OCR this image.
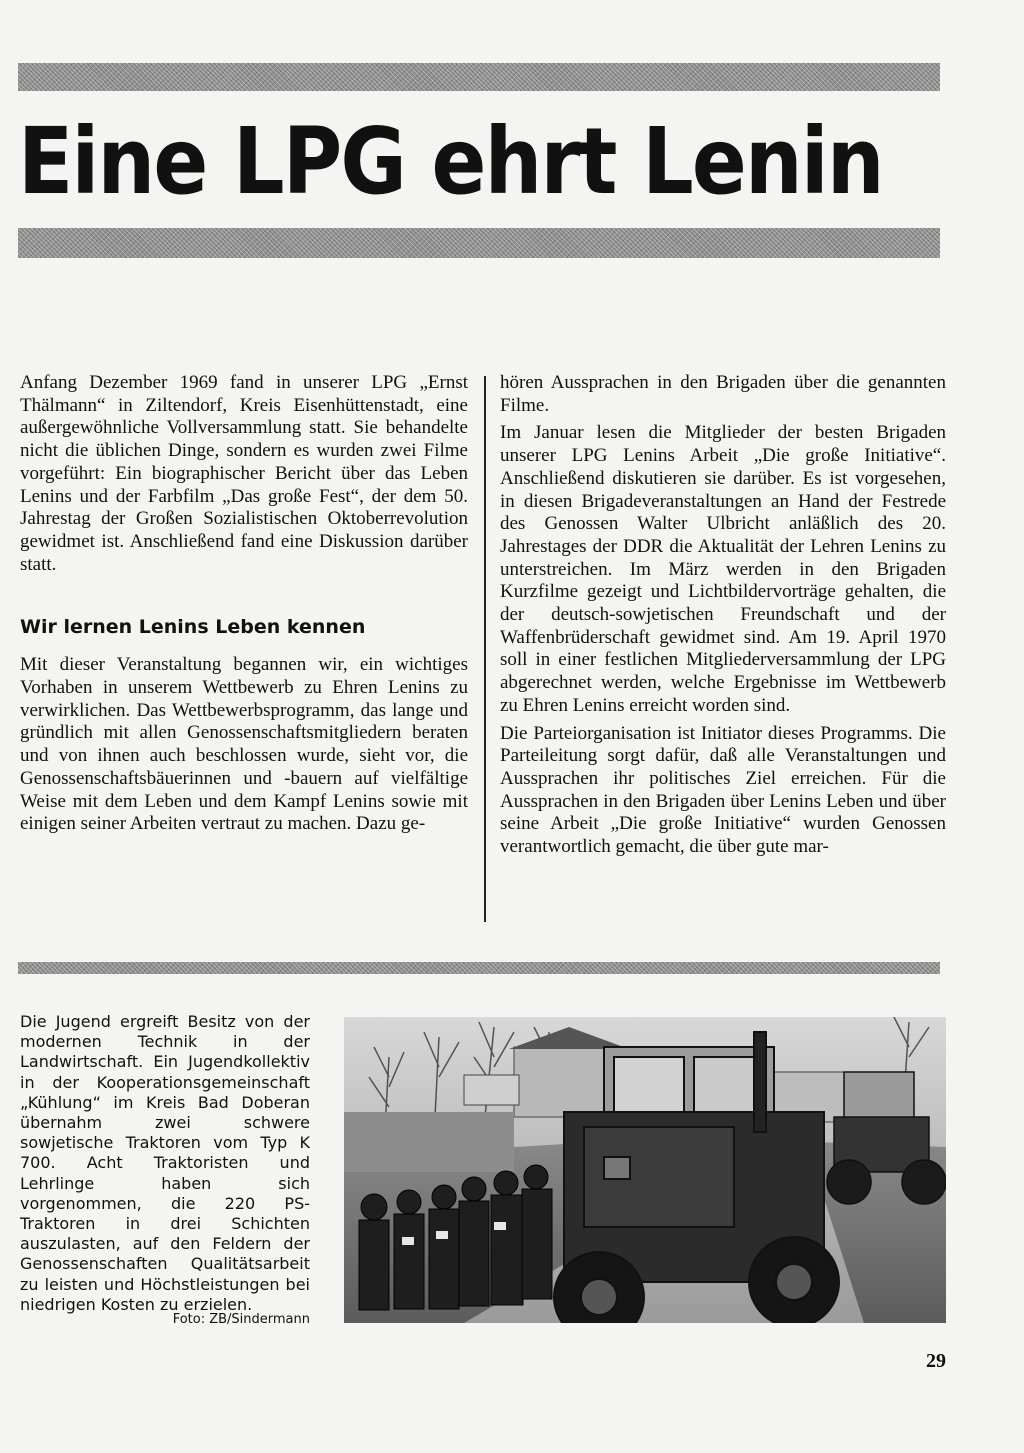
Eine LPG ehrt Lenin

Anfang Dezember 1969 fand in unserer LPG „Ernst Thälmann“ in Ziltendorf, Kreis Eisenhüttenstadt, eine außergewöhnliche Vollversammlung statt. Sie behandelte nicht die üblichen Dinge, sondern es wurden zwei Filme vorgeführt: Ein biographischer Bericht über das Leben Lenins und der Farbfilm „Das große Fest“, der dem 50. Jahrestag der Großen Sozialistischen Oktoberrevolution gewidmet ist. Anschließend fand eine Diskussion darüber statt.

Wir lernen Lenins Leben kennen

Mit dieser Veranstaltung begannen wir, ein wichtiges Vorhaben in unserem Wettbewerb zu Ehren Lenins zu verwirklichen. Das Wettbewerbsprogramm, das lange und gründlich mit allen Genossenschaftsmitgliedern beraten und von ihnen auch beschlossen wurde, sieht vor, die Genossenschaftsbäuerinnen und -bauern auf vielfältige Weise mit dem Leben und dem Kampf Lenins sowie mit einigen seiner Arbeiten vertraut zu machen. Dazu ge-

hören Aussprachen in den Brigaden über die genannten Filme.

Im Januar lesen die Mitglieder der besten Brigaden unserer LPG Lenins Arbeit „Die große Initiative“. Anschließend diskutieren sie darüber. Es ist vorgesehen, in diesen Brigadeveranstaltungen an Hand der Festrede des Genossen Walter Ulbricht anläßlich des 20. Jahrestages der DDR die Aktualität der Lehren Lenins zu unterstreichen. Im März werden in den Brigaden Kurzfilme gezeigt und Lichtbildervorträge gehalten, die der deutsch-sowjetischen Freundschaft und der Waffenbrüderschaft gewidmet sind. Am 19. April 1970 soll in einer festlichen Mitgliederversammlung der LPG abgerechnet werden, welche Ergebnisse im Wettbewerb zu Ehren Lenins erreicht worden sind.

Die Parteiorganisation ist Initiator dieses Programms. Die Parteileitung sorgt dafür, daß alle Veranstaltungen und Aussprachen ihr politisches Ziel erreichen. Für die Aussprachen in den Brigaden über Lenins Leben und über seine Arbeit „Die große Initiative“ wurden Genossen verantwortlich gemacht, die über gute mar-

Die Jugend ergreift Besitz von der modernen Technik in der Landwirtschaft. Ein Jugendkollektiv in der Kooperationsgemeinschaft „Kühlung“ im Kreis Bad Doberan übernahm zwei schwere sowjetische Traktoren vom Typ K 700. Acht Traktoristen und Lehrlinge haben sich vorgenommen, die 220 PS-Traktoren in drei Schichten auszulasten, auf den Feldern der Genossenschaften Qualitätsarbeit zu leisten und Höchstleistungen bei niedrigen Kosten zu erzielen.

Foto: ZB/Sindermann
29
